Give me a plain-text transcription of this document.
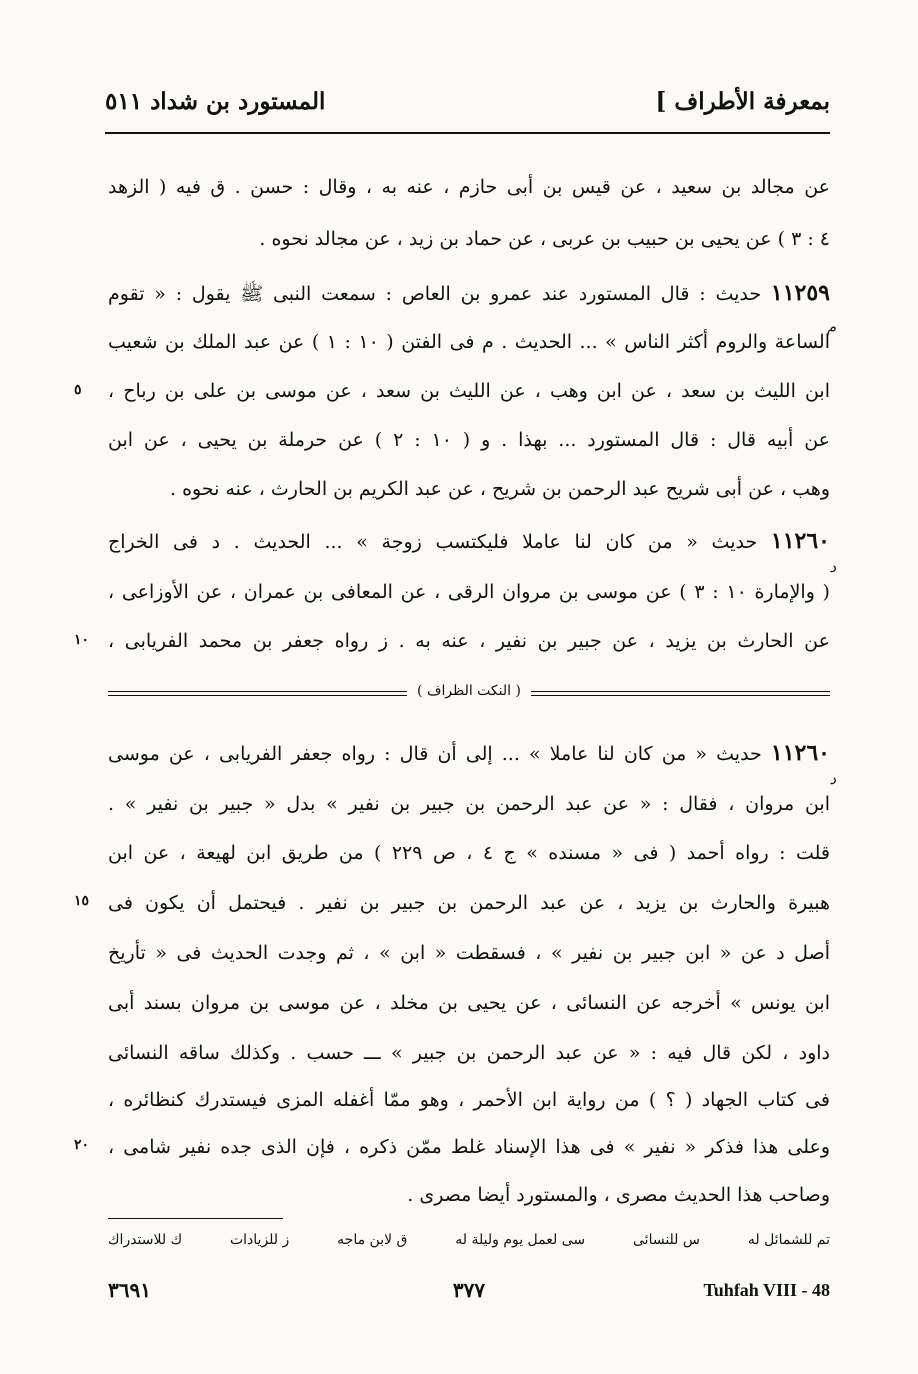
بمعرفة الأطراف ]
المستورد بن شداد ٥١١
عن مجالد بن سعيد ، عن قيس بن أبى حازم ، عنه به ، وقال : حسن . ق فيه ( الزهد
٤ : ٣ ) عن يحيى بن حبيب بن عربى ، عن حماد بن زيد ، عن مجالد نحوه .
١١٢٥٩ حديث : قال المستورد عند عمرو بن العاص : سمعت النبى ﷺ يقول : « تقوم
الساعة والروم أكثر الناس » ... الحديث . م فى الفتن ( ١٠ : ١ ) عن عبد الملك بن شعيب
ابن الليث بن سعد ، عن ابن وهب ، عن الليث بن سعد ، عن موسى بن على بن رباح ،
عن أبيه قال : قال المستورد ... بهذا . و ( ١٠ : ٢ ) عن حرملة بن يحيى ، عن ابن
وهب ، عن أبى شريح عبد الرحمن بن شريح ، عن عبد الكريم بن الحارث ، عنه نحوه .
١١٢٦٠ حديث « من كان لنا عاملا فليكتسب زوجة » ... الحديث . د فى الخراج
( والإمارة ١٠ : ٣ ) عن موسى بن مروان الرقى ، عن المعافى بن عمران ، عن الأوزاعى ،
عن الحارث بن يزيد ، عن جبير بن نفير ، عنه به . ز رواه جعفر بن محمد الفريابى ،
م
٥
د
١٠
( النكت الظراف )
١١٢٦٠ حديث « من كان لنا عاملا » ... إلى أن قال : رواه جعفر الفريابى ، عن موسى
ابن مروان ، فقال : « عن عبد الرحمن بن جبير بن نفير » بدل « جبير بن نفير » .
قلت : رواه أحمد ( فى « مسنده » ج ٤ ، ص ٢٢٩ ) من طريق ابن لهيعة ، عن ابن
هبيرة والحارث بن يزيد ، عن عبد الرحمن بن جبير بن نفير . فيحتمل أن يكون فى
أصل د عن « ابن جبير بن نفير » ، فسقطت « ابن » ، ثم وجدت الحديث فى « تأريخ
ابن يونس » أخرجه عن النسائى ، عن يحيى بن مخلد ، عن موسى بن مروان بسند أبى
داود ، لكن قال فيه : « عن عبد الرحمن بن جبير » ـــ حسب . وكذلك ساقه النسائى
فى كتاب الجهاد ( ؟ ) من رواية ابن الأحمر ، وهو ممّا أغفله المزى فيستدرك كنظائره ،
وعلى هذا فذكر « نفير » فى هذا الإسناد غلط ممّن ذكره ، فإن الذى جده نفير شامى ،
وصاحب هذا الحديث مصرى ، والمستورد أيضا مصرى .
د
١٥
٢٠
تم للشمائل له
س للنسائى
سى لعمل يوم وليلة له
ق لابن ماجه
ز للزيادات
ك للاستدراك
٣٦٩١	٣٧٧	Tuhfah VIII - 48
